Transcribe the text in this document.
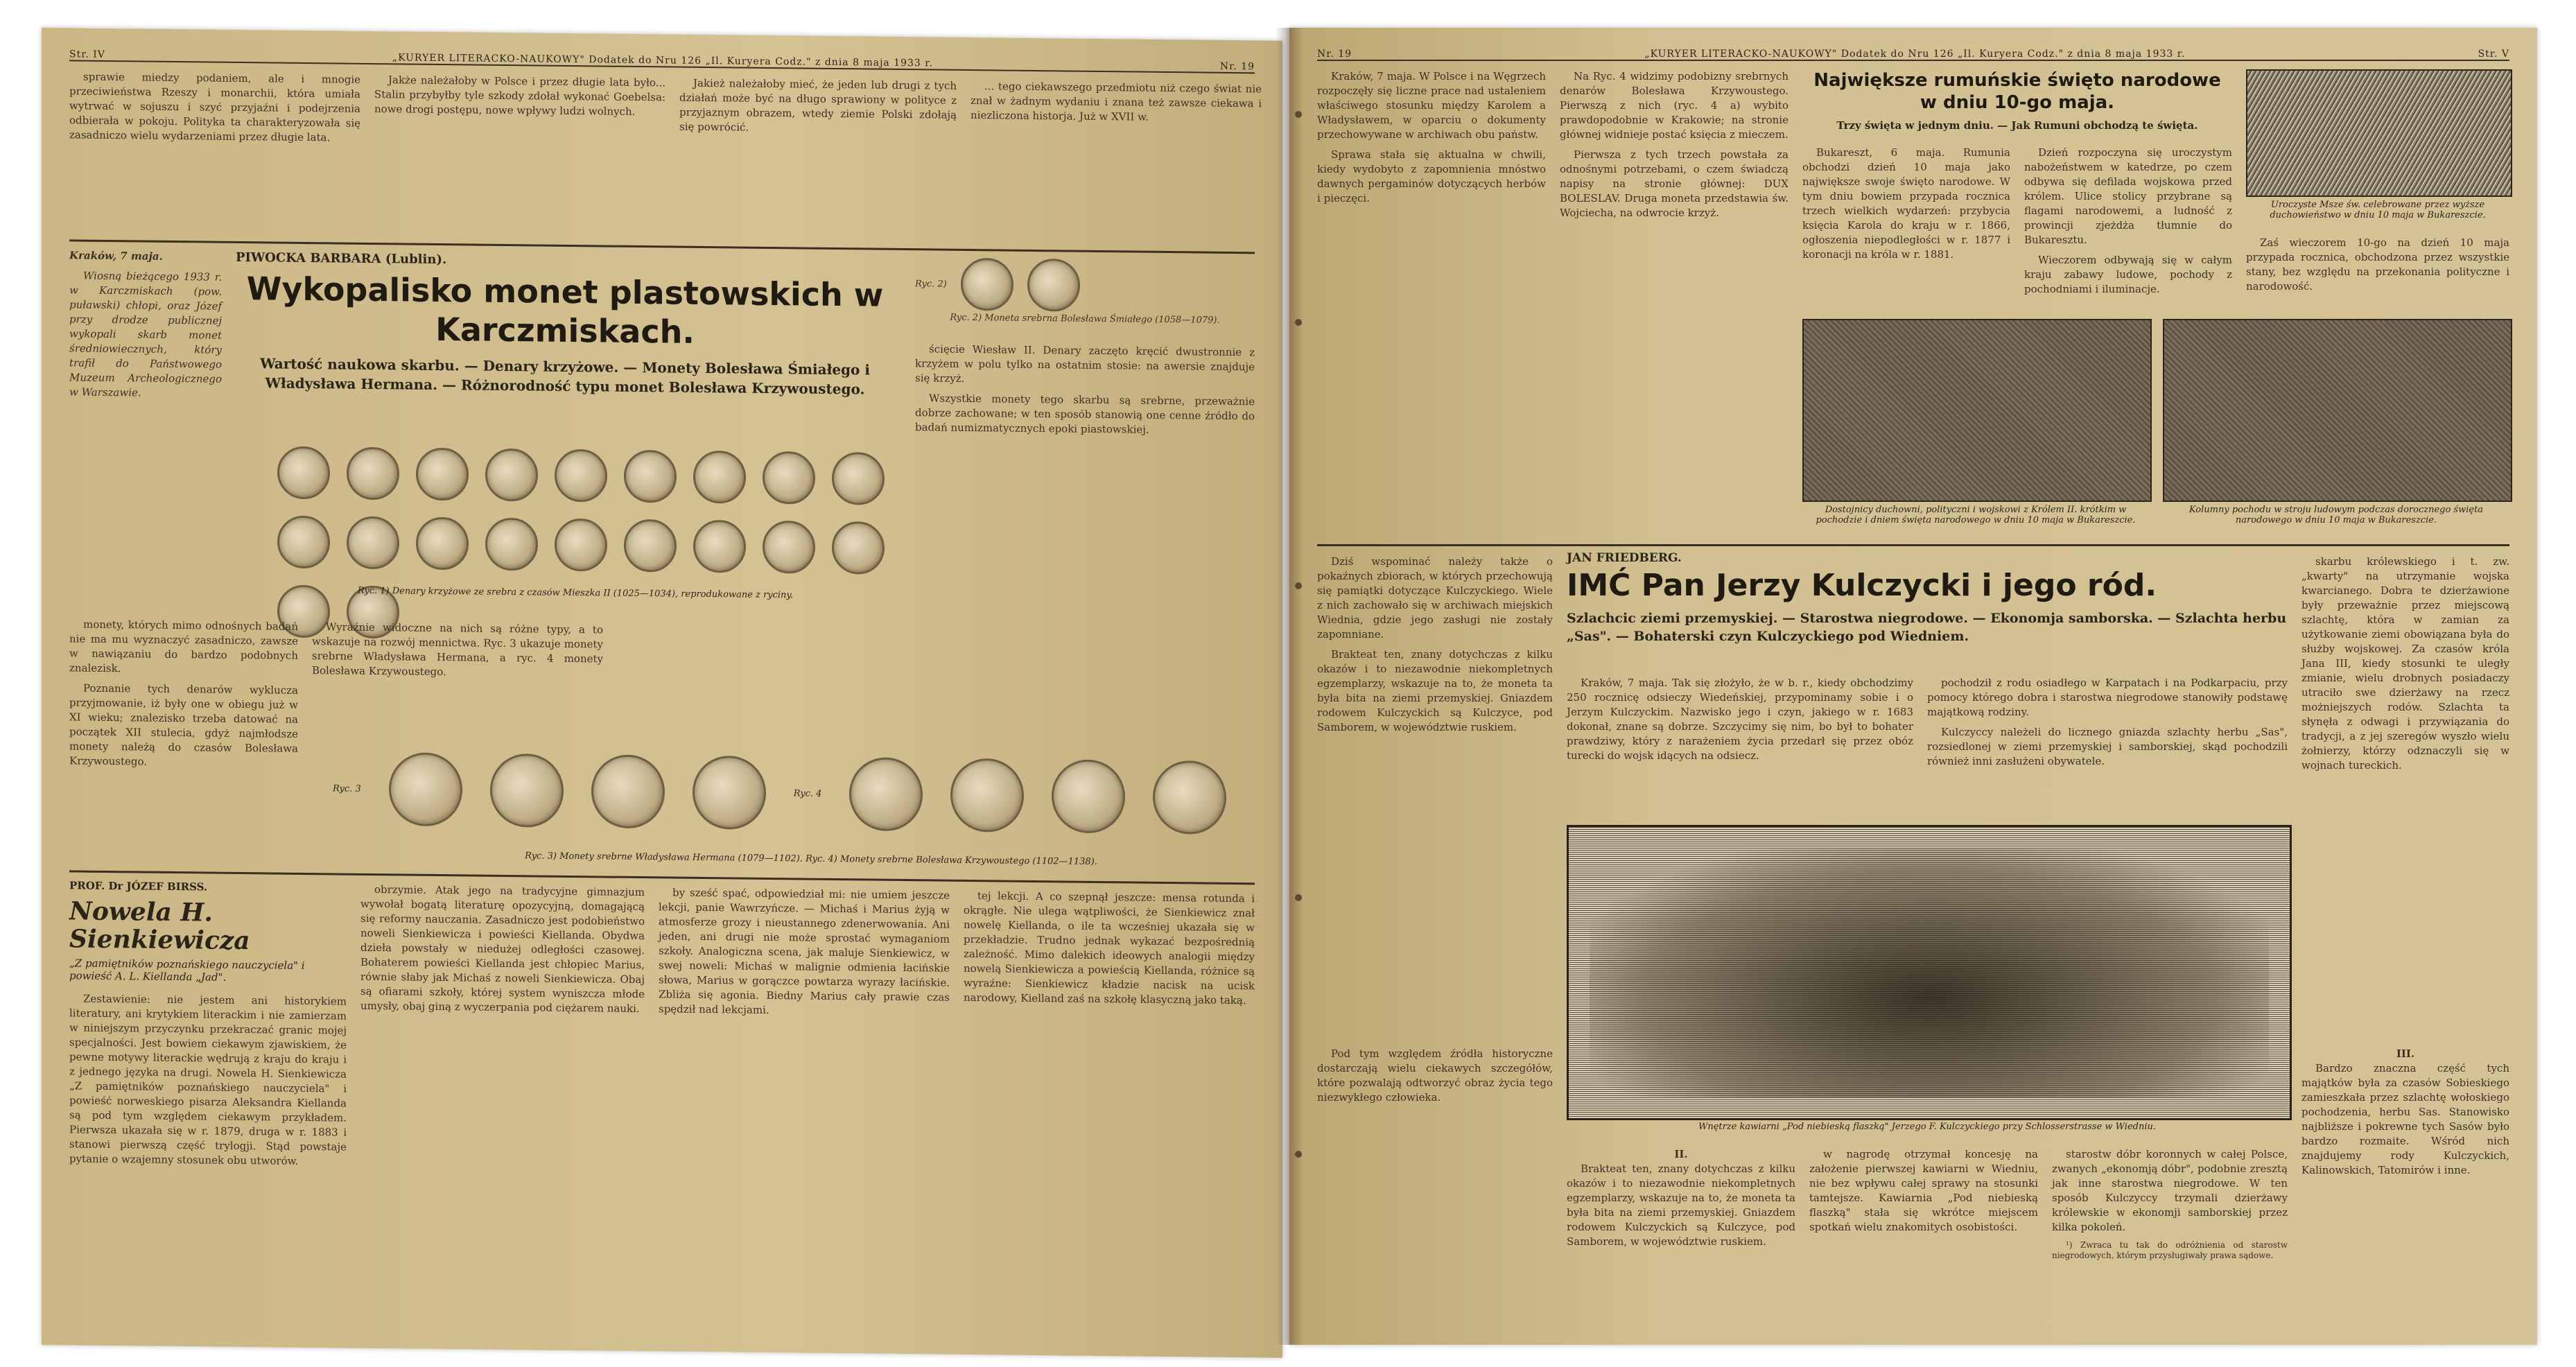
Str. IV	„KURYER LITERACKO-NAUKOWY" Dodatek do Nru 126 „Il. Kuryera Codz." z dnia 8 maja 1933 r.	Nr. 19

sprawie miedzy podaniem, ale i mnogie przeciwieństwa Rzeszy i monarchii, która umiała wytrwać w sojuszu i szyć przyjaźni i podejrzenia odbierała w pokoju. Polityka ta charakteryzowała się zasadniczo wielu wydarzeniami przez długie lata.

Jakże należałoby w Polsce i przez długie lata było... Stalin przybyłby tyle szkody zdołał wykonać Goebelsa: nowe drogi postępu, nowe wpływy ludzi wolnych.

Jakież należałoby mieć, że jeden lub drugi z tych działań może być na długo sprawiony w polityce z przyjaznym obrazem, wtedy ziemie Polski zdołają się powrócić.

... tego ciekawszego przedmiotu niż czego świat nie znał w żadnym wydaniu i znana też zawsze ciekawa i niezliczona historja. Już w XVII w.

Kraków, 7 maja.

Wiosną bieżącego 1933 r. w Karczmiskach (pow. puławski) chłopi, oraz Józef przy drodze publicznej wykopali skarb monet średniowiecznych, który trafił do Państwowego Muzeum Archeologicznego w Warszawie.

PIWOCKA BARBARA (Lublin).
Wykopalisko monet plastowskich w Karczmiskach.
Wartość naukowa skarbu. — Denary krzyżowe. — Monety Bolesława Śmiałego i Władysława Hermana. — Różnorodność typu monet Bolesława Krzywoustego.
Ryc. 2)
Ryc. 2) Moneta srebrna Bolesława Śmiałego (1058—1079).

ścięcie Wiesław II. Denary zaczęto kręcić dwustronnie z krzyżem w polu tylko na ostatnim stosie: na awersie znajduje się krzyż.

Wszystkie monety tego skarbu są srebrne, przeważnie dobrze zachowane; w ten sposób stanowią one cenne źródło do badań numizmatycznych epoki piastowskiej.

Ryc. 1) Denary krzyżowe ze srebra z czasów Mieszka II (1025—1034), reprodukowane z ryciny.

monety, których mimo odnośnych badań nie ma mu wyznaczyć zasadniczo, zawsze w nawiązaniu do bardzo podobnych znalezisk.

Poznanie tych denarów wyklucza przyjmowanie, iż były one w obiegu już w XI wieku; znalezisko trzeba datować na początek XII stulecia, gdyż najmłodsze monety należą do czasów Bolesława Krzywoustego.

Wyraźnie widoczne na nich są różne typy, a to wskazuje na rozwój mennictwa. Ryc. 3 ukazuje monety srebrne Władysława Hermana, a ryc. 4 monety Bolesława Krzywoustego.

Ryc. 3	Ryc. 4
Ryc. 3) Monety srebrne Władysława Hermana (1079—1102). Ryc. 4) Monety srebrne Bolesława Krzywoustego (1102—1138).
PROF. Dr JÓZEF BIRSS.
Nowela H. Sienkiewicza
„Z pamiętników poznańskiego nauczyciela" i powieść A. L. Kiellanda „Jad".

Zestawienie: nie jestem ani historykiem literatury, ani krytykiem literackim i nie zamierzam w niniejszym przyczynku przekraczać granic mojej specjalności. Jest bowiem ciekawym zjawiskiem, że pewne motywy literackie wędrują z kraju do kraju i z jednego języka na drugi. Nowela H. Sienkiewicza „Z pamiętników poznańskiego nauczyciela" i powieść norweskiego pisarza Aleksandra Kiellanda są pod tym względem ciekawym przykładem. Pierwsza ukazała się w r. 1879, druga w r. 1883 i stanowi pierwszą część trylogji. Stąd powstaje pytanie o wzajemny stosunek obu utworów.

obrzymie. Atak jego na tradycyjne gimnazjum wywołał bogatą literaturę opozycyjną, domagającą się reformy nauczania. Zasadniczo jest podobieństwo noweli Sienkiewicza i powieści Kiellanda. Obydwa dzieła powstały w niedużej odległości czasowej. Bohaterem powieści Kiellanda jest chłopiec Marius, równie słaby jak Michaś z noweli Sienkiewicza. Obaj są ofiarami szkoły, której system wyniszcza młode umysły, obaj giną z wyczerpania pod ciężarem nauki.

by sześć spać, odpowiedział mi: nie umiem jeszcze lekcji, panie Wawrzyńcze. — Michaś i Marius żyją w atmosferze grozy i nieustannego zdenerwowania. Ani jeden, ani drugi nie może sprostać wymaganiom szkoły. Analogiczna scena, jak maluje Sienkiewicz, w swej noweli: Michaś w malignie odmienia łacińskie słowa, Marius w gorączce powtarza wyrazy łacińskie. Zbliża się agonia. Biedny Marius cały prawie czas spędził nad lekcjami.

tej lekcji. A co szepnął jeszcze: mensa rotunda i okrągłe. Nie ulega wątpliwości, że Sienkiewicz znał nowelę Kiellanda, o ile ta wcześniej ukazała się w przekładzie. Trudno jednak wykazać bezpośrednią zależność. Mimo dalekich ideowych analogii między nowelą Sienkiewicza a powieścią Kiellanda, różnice są wyraźne: Sienkiewicz kładzie nacisk na ucisk narodowy, Kielland zaś na szkołę klasyczną jako taką.

Nr. 19	„KURYER LITERACKO-NAUKOWY" Dodatek do Nru 126 „Il. Kuryera Codz." z dnia 8 maja 1933 r.	Str. V

Kraków, 7 maja. W Polsce i na Węgrzech rozpoczęły się liczne prace nad ustaleniem właściwego stosunku między Karolem a Władysławem, w oparciu o dokumenty przechowywane w archiwach obu państw.

Sprawa stała się aktualna w chwili, kiedy wydobyto z zapomnienia mnóstwo dawnych pergaminów dotyczących herbów i pieczęci.

Na Ryc. 4 widzimy podobizny srebrnych denarów Bolesława Krzywoustego. Pierwszą z nich (ryc. 4 a) wybito prawdopodobnie w Krakowie; na stronie głównej widnieje postać księcia z mieczem.

Pierwsza z tych trzech powstała za odnośnymi potrzebami, o czem świadczą napisy na stronie głównej: DUX BOLESLAV. Druga moneta przedstawia św. Wojciecha, na odwrocie krzyż.

Największe rumuńskie święto narodowe w dniu 10-go maja.
Trzy święta w jednym dniu. — Jak Rumuni obchodzą te święta.

Bukareszt, 6 maja. Rumunia obchodzi dzień 10 maja jako największe swoje święto narodowe. W tym dniu bowiem przypada rocznica trzech wielkich wydarzeń: przybycia księcia Karola do kraju w r. 1866, ogłoszenia niepodległości w r. 1877 i koronacji na króla w r. 1881.

Dzień rozpoczyna się uroczystym nabożeństwem w katedrze, po czem odbywa się defilada wojskowa przed królem. Ulice stolicy przybrane są flagami narodowemi, a ludność z prowincji zjeżdża tłumnie do Bukaresztu.

Wieczorem odbywają się w całym kraju zabawy ludowe, pochody z pochodniami i iluminacje.

Uroczyste Msze św. celebrowane przez wyższe duchowieństwo w dniu 10 maja w Bukareszcie.

Zaś wieczorem 10-go na dzień 10 maja przypada rocznica, obchodzona przez wszystkie stany, bez względu na przekonania polityczne i narodowość.

Dostojnicy duchowni, polityczni i wojskowi z Królem II. krótkim w pochodzie i dniem święta narodowego w dniu 10 maja w Bukareszcie.
Kolumny pochodu w stroju ludowym podczas dorocznego święta narodowego w dniu 10 maja w Bukareszcie.
JAN FRIEDBERG.
IMĆ Pan Jerzy Kulczycki i jego ród.
Szlachcic ziemi przemyskiej. — Starostwa niegrodowe. — Ekonomja samborska. — Szlachta herbu „Sas". — Bohaterski czyn Kulczyckiego pod Wiedniem.

Dziś wspominać należy także o pokaźnych zbiorach, w których przechowują się pamiątki dotyczące Kulczyckiego. Wiele z nich zachowało się w archiwach miejskich Wiednia, gdzie jego zasługi nie zostały zapomniane.

Brakteat ten, znany dotychczas z kilku okazów i to niezawodnie niekompletnych egzemplarzy, wskazuje na to, że moneta ta była bita na ziemi przemyskiej. Gniazdem rodowem Kulczyckich są Kulczyce, pod Samborem, w województwie ruskiem.

Kraków, 7 maja. Tak się złożyło, że w b. r., kiedy obchodzimy 250 rocznicę odsieczy Wiedeńskiej, przypominamy sobie i o Jerzym Kulczyckim. Nazwisko jego i czyn, jakiego w r. 1683 dokonał, znane są dobrze. Szczycimy się nim, bo był to bohater prawdziwy, który z narażeniem życia przedarł się przez obóz turecki do wojsk idących na odsiecz.

pochodził z rodu osiadłego w Karpatach i na Podkarpaciu, przy pomocy którego dobra i starostwa niegrodowe stanowiły podstawę majątkową rodziny.

Kulczyccy należeli do licznego gniazda szlachty herbu „Sas", rozsiedlonej w ziemi przemyskiej i samborskiej, skąd pochodzili również inni zasłużeni obywatele.

skarbu królewskiego i t. zw. „kwarty" na utrzymanie wojska kwarcianego. Dobra te dzierżawione były przeważnie przez miejscową szlachtę, która w zamian za użytkowanie ziemi obowiązana była do służby wojskowej. Za czasów króla Jana III, kiedy stosunki te uległy zmianie, wielu drobnych posiadaczy utraciło swe dzierżawy na rzecz możniejszych rodów. Szlachta ta słynęła z odwagi i przywiązania do tradycji, a z jej szeregów wyszło wielu żołnierzy, którzy odznaczyli się w wojnach tureckich.

Wnętrze kawiarni „Pod niebieską flaszką" Jerzego F. Kulczyckiego przy Schlosserstrasse w Wiedniu.

Pod tym względem źródła historyczne dostarczają wielu ciekawych szczegółów, które pozwalają odtworzyć obraz życia tego niezwykłego człowieka.

II.

Brakteat ten, znany dotychczas z kilku okazów i to niezawodnie niekompletnych egzemplarzy, wskazuje na to, że moneta ta była bita na ziemi przemyskiej. Gniazdem rodowem Kulczyckich są Kulczyce, pod Samborem, w województwie ruskiem.

w nagrodę otrzymał koncesję na założenie pierwszej kawiarni w Wiedniu, nie bez wpływu całej sprawy na stosunki tamtejsze. Kawiarnia „Pod niebieską flaszką" stała się wkrótce miejscem spotkań wielu znakomitych osobistości.

starostw dóbr koronnych w całej Polsce, zwanych „ekonomją dóbr", podobnie zresztą jak inne starostwa niegrodowe. W ten sposób Kulczyccy trzymali dzierżawy królewskie w ekonomji samborskiej przez kilka pokoleń.

¹) Zwraca tu tak do odróżnienia od starostw niegrodowych, którym przysługiwały prawa sądowe.

III.

Bardzo znaczna część tych majątków była za czasów Sobieskiego zamieszkała przez szlachtę wołoskiego pochodzenia, herbu Sas. Stanowisko najbliższe i pokrewne tych Sasów było bardzo rozmaite. Wśród nich znajdujemy rody Kulczyckich, Kalinowskich, Tatomirów i inne.
